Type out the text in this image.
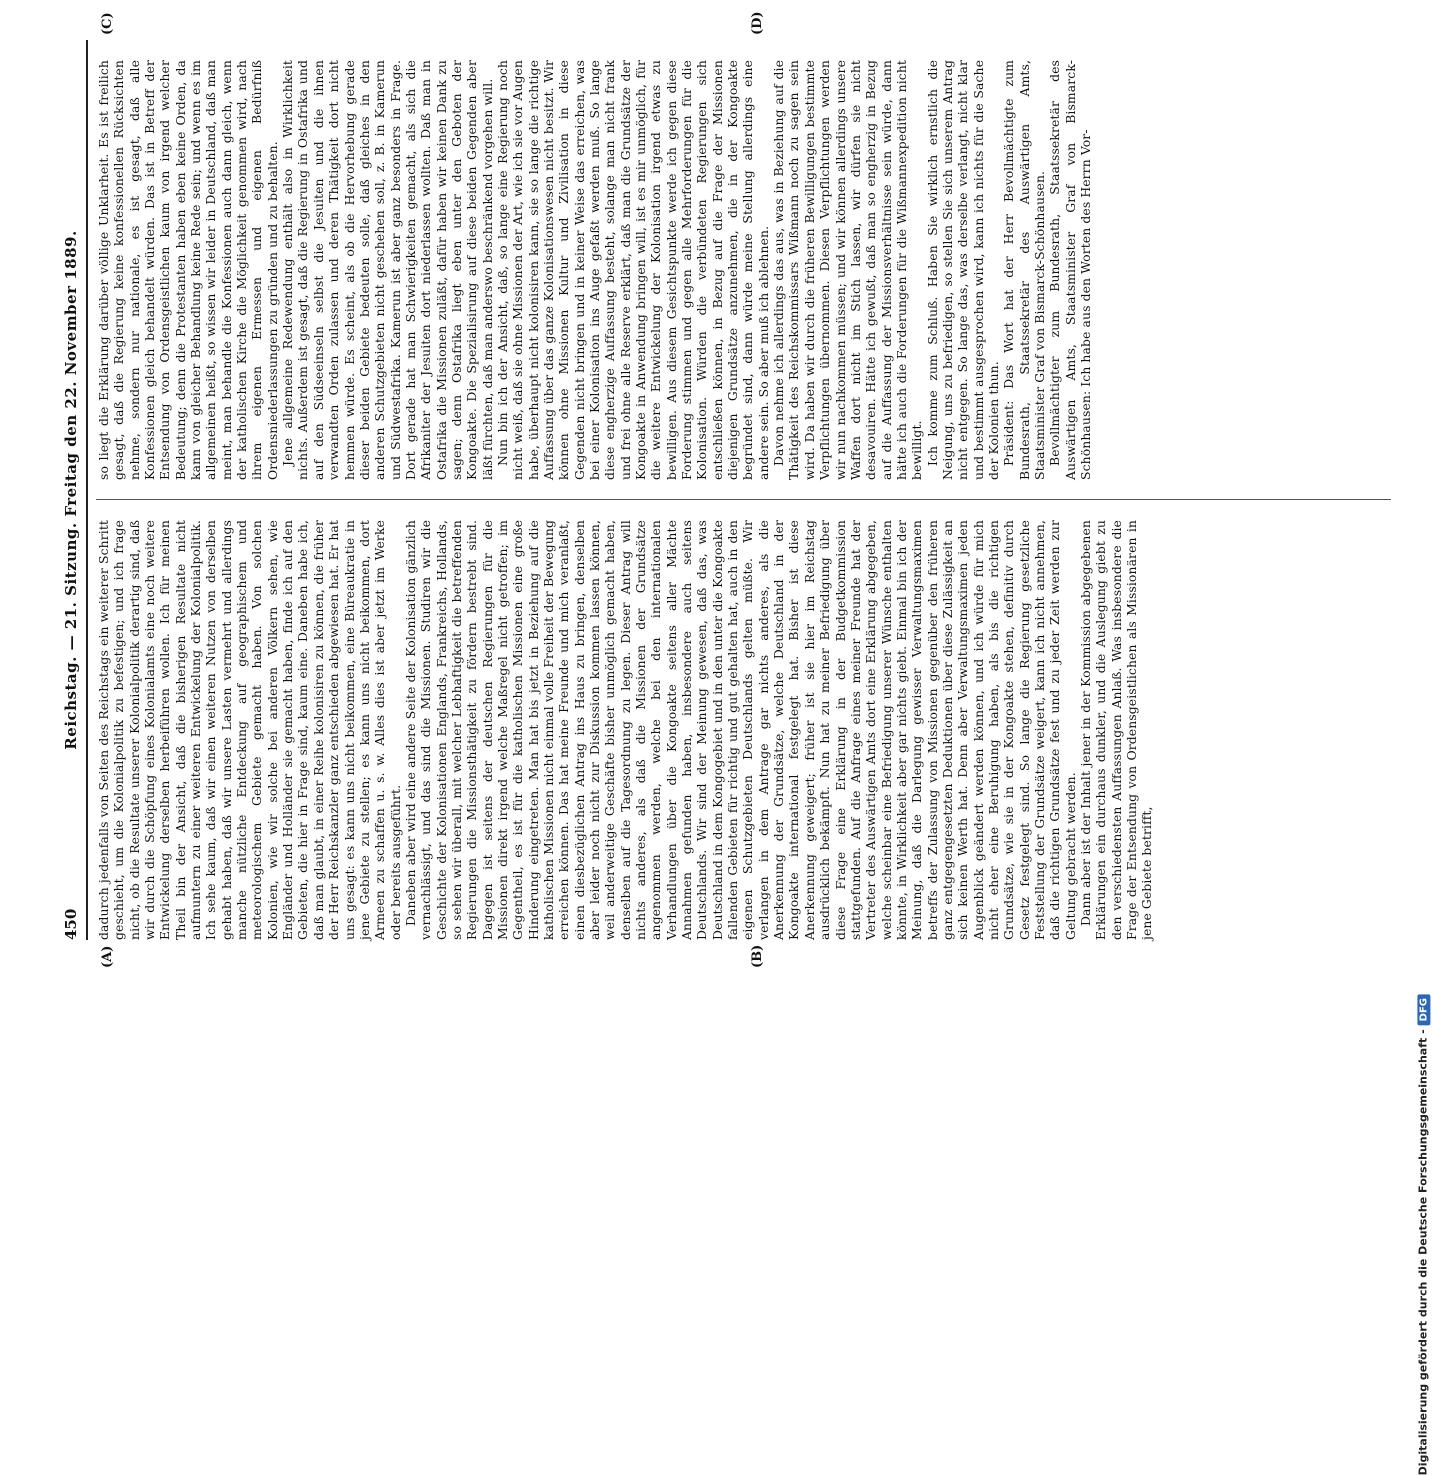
450
Reichstag. — 21. Sitzung. Freitag den 22. November 1889.
(A)	(B)
(C)	(D)

dadurch jedenfalls von Seiten des Reichstags ein weiterer Schritt geschieht, um die Kolonialpolitik zu befestigen; und ich frage nicht, ob die Resultate unserer Kolonialpolitik derartig sind, daß wir durch die Schöpfung eines Kolonialamts eine noch weitere Entwickelung derselben herbeiführen wollen. Ich für meinen Theil bin der Ansicht, daß die bisherigen Resultate nicht aufmuntern zu einer weiteren Entwickelung der Kolonialpolitik. Ich sehe kaum, daß wir einen weiteren Nutzen von derselben gehabt haben, daß wir unsere Lasten vermehrt und allerdings manche nützliche Entdeckung auf geographischem und meteorologischem Gebiete gemacht haben. Von solchen Kolonien, wie wir solche bei anderen Völkern sehen, wie Engländer und Holländer sie gemacht haben, finde ich auf den Gebieten, die hier in Frage sind, kaum eine. Daneben habe ich, daß man glaubt, in einer Reihe kolonisiren zu können, die früher der Herr Reichskanzler ganz entschieden abgewiesen hat. Er hat uns gesagt: es kann uns nicht beikommen, eine Büreaukratie in jene Gebiete zu stellen; es kann uns nicht beikommen, dort Armeen zu schaffen u. s. w. Alles dies ist aber jetzt im Werke oder bereits ausgeführt. Daneben aber wird eine andere Seite der Kolonisation gänzlich vernachlässigt, und das sind die Missionen. Studiren wir die Geschichte der Kolonisationen Englands, Frankreichs, Hollands, so sehen wir überall, mit welcher Lebhaftigkeit die betreffenden Regierungen die Missionsthätigkeit zu fördern bestrebt sind. Dagegen ist seitens der deutschen Regierungen für die Missionen direkt irgend welche Maßregel nicht getroffen; im Gegentheil, es ist für die katholischen Missionen eine große Hinderung eingetreten. Man hat bis jetzt in Beziehung auf die katholischen Missionen nicht einmal volle Freiheit der Bewegung erreichen können. Das hat meine Freunde und mich veranlaßt, einen diesbezüglichen Antrag ins Haus zu bringen, denselben aber leider noch nicht zur Diskussion kommen lassen können, weil anderweitige Geschäfte bisher unmöglich gemacht haben, denselben auf die Tagesordnung zu legen. Dieser Antrag will nichts anderes, als daß die Missionen der Grundsätze angenommen werden, welche bei den internationalen Verhandlungen über die Kongoakte seitens aller Mächte Annahmen gefunden haben, insbesondere auch seitens Deutschlands. Wir sind der Meinung gewesen, daß das, was Deutschland in dem Kongogebiet und in den unter die Kongoakte fallenden Gebieten für richtig und gut gehalten hat, auch in den eigenen Schutzgebieten Deutschlands gelten müßte. Wir verlangen in dem Antrage gar nichts anderes, als die Anerkennung der Grundsätze, welche Deutschland in der Kongoakte international festgelegt hat. Bisher ist diese Anerkennung geweigert; früher ist sie hier im Reichstag ausdrücklich bekämpft. Nun hat zu meiner Befriedigung über diese Frage eine Erklärung in der Budgetkommission stattgefunden. Auf die Anfrage eines meiner Freunde hat der Vertreter des Auswärtigen Amts dort eine Erklärung abgegeben, welche scheinbar eine Befriedigung unserer Wünsche enthalten könnte, in Wirklichkeit aber gar nichts giebt. Einmal bin ich der Meinung, daß die Darlegung gewisser Verwaltungsmaximen betreffs der Zulassung von Missionen gegenüber den früheren ganz entgegengesetzten Deduktionen über diese Zulässigkeit an sich keinen Werth hat. Denn aber Verwaltungsmaximen jeden Augenblick geändert werden können, und ich würde für mich nicht eher eine Beruhigung haben, als bis die richtigen Grundsätze, wie sie in der Kongoakte stehen, definitiv durch Gesetz festgelegt sind. So lange die Regierung gesetzliche Feststellung der Grundsätze weigert, kann ich nicht annehmen, daß die richtigen Grundsätze fest und zu jeder Zeit werden zur Geltung gebracht werden. Dann aber ist der Inhalt jener in der Kommission abgegebenen Erklärungen ein durchaus dunkler, und die Auslegung giebt zu den verschiedensten Auffassungen Anlaß. Was insbesondere die Frage der Entsendung von Ordensgeistlichen als Missionären in jene Gebiete betrifft,

so liegt die Erklärung darüber völlige Unklarheit. Es ist freilich gesagt, daß die Regierung keine konfessionellen Rücksichten nehme, sondern nur nationale, es ist gesagt, daß alle Konfessionen gleich behandelt würden. Das ist in Betreff der Entsendung von Ordensgeistlichen kaum von irgend welcher Bedeutung; denn die Protestanten haben eben keine Orden, da kann von gleicher Behandlung keine Rede sein; und wenn es im allgemeinen heißt, so wissen wir leider in Deutschland, daß man meint, man behandle die Konfessionen auch dann gleich, wenn der katholischen Kirche die Möglichkeit genommen wird, nach ihrem eigenen Ermessen und eigenen Bedürfniß Ordensniederlassungen zu gründen und zu behalten. Jene allgemeine Redewendung enthält also in Wirklichkeit nichts. Außerdem ist gesagt, daß die Regierung in Ostafrika und auf den Südseeinseln selbst die Jesuiten und die ihnen verwandten Orden zulassen und deren Thätigkeit dort nicht hemmen würde. Es scheint, als ob die Hervorhebung gerade dieser beiden Gebiete bedeuten solle, daß gleiches in den anderen Schutzgebieten nicht geschehen soll, z. B. in Kamerun und Südwestafrika. Kamerun ist aber ganz besonders in Frage. Dort gerade hat man Schwierigkeiten gemacht, als sich die Afrikaniter der Jesuiten dort niederlassen wollten. Daß man in Ostafrika die Missionen zuläßt, dafür haben wir keinen Dank zu sagen; denn Ostafrika liegt eben unter den Geboten der Kongoakte. Die Spezialisirung auf diese beiden Gegenden aber läßt fürchten, daß man anderswo beschränkend vorgehen will. Nun bin ich der Ansicht, daß, so lange eine Regierung noch nicht weiß, daß sie ohne Missionen der Art, wie ich sie vor Augen habe, überhaupt nicht kolonisiren kann, sie so lange die richtige Auffassung über das ganze Kolonisationswesen nicht besitzt. Wir können ohne Missionen Kultur und Zivilisation in diese Gegenden nicht bringen und in keiner Weise das erreichen, was bei einer Kolonisation ins Auge gefaßt werden muß. So lange diese engherzige Auffassung besteht, solange man nicht frank und frei ohne alle Reserve erklärt, daß man die Grundsätze der Kongoakte in Anwendung bringen will, ist es mir unmöglich, für die weitere Entwickelung der Kolonisation irgend etwas zu bewilligen. Aus diesem Gesichtspunkte werde ich gegen diese Forderung stimmen und gegen alle Mehrforderungen für die Kolonisation. Würden die verbündeten Regierungen sich entschließen können, in Bezug auf die Frage der Missionen diejenigen Grundsätze anzunehmen, die in der Kongoakte begründet sind, dann würde meine Stellung allerdings eine andere sein. So aber muß ich ablehnen. Davon nehme ich allerdings das aus, was in Beziehung auf die Thätigkeit des Reichskommissars Wißmann noch zu sagen sein wird. Da haben wir durch die früheren Bewilligungen bestimmte Verpflichtungen übernommen. Diesen Verpflichtungen werden wir nun nachkommen müssen; und wir können allerdings unsere Waffen dort nicht im Stich lassen, wir dürfen sie nicht desavouiren. Hätte ich gewußt, daß man so engherzig in Bezug auf die Auffassung der Missionsverhältnisse sein würde, dann hätte ich auch die Forderungen für die Wißmannexpedition nicht bewilligt. Ich komme zum Schluß. Haben Sie wirklich ernstlich die Neigung, uns zu befriedigen, so stellen Sie sich unserem Antrag nicht entgegen. So lange das, was derselbe verlangt, nicht klar und bestimmt ausgesprochen wird, kann ich nichts für die Sache der Kolonien thun. Präsident: Das Wort hat der Herr Bevollmächtigte zum Bundesrath, Staatssekretär des Auswärtigen Amts, Staatsminister Graf von Bismarck-Schönhausen. Bevollmächtigter zum Bundesrath, Staatssekretär des Auswärtigen Amts, Staatsminister Graf von Bismarck-Schönhausen: Ich habe aus den Worten des Herrn Vor-

Digitalisierung gefördert durch die Deutsche Forschungsgemeinschaft -DFG
